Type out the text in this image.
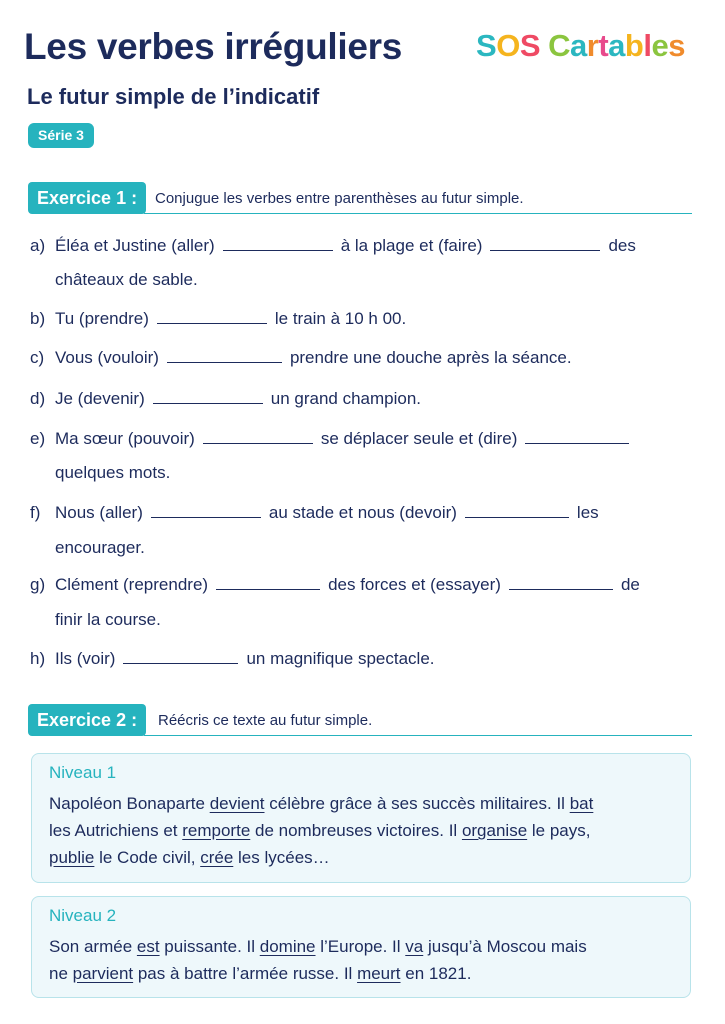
Les verbes irréguliers SOS Cartables
Le futur simple de l’indicatif
Série 3
Exercice 1 :	Conjugue les verbes entre parenthèses au futur simple.
a) Éléa et Justine (aller)	à la plage et (faire)	des
châteaux de sable.
b) Tu (prendre)	le train à 10 h 00.
c) Vous (vouloir)	prendre une douche après la séance.
d) Je (devenir)	un grand champion.
e) Ma sœur (pouvoir)	se déplacer seule et (dire)
quelques mots.
f) Nous (aller)	au stade et nous (devoir)	les
encourager.
g) Clément (reprendre)	des forces et (essayer)	de
finir la course.
h) Ils (voir)	un magnifique spectacle.
Exercice 2 :	Réécris ce texte au futur simple.
Niveau 1
Napoléon Bonaparte devient célèbre grâce à ses succès militaires. Il bat
les Autrichiens et remporte de nombreuses victoires. Il organise le pays,
publie le Code civil, crée les lycées…
Niveau 2
Son armée est puissante. Il domine l’Europe. Il va jusqu’à Moscou mais
ne parvient pas à battre l’armée russe. Il meurt en 1821.
